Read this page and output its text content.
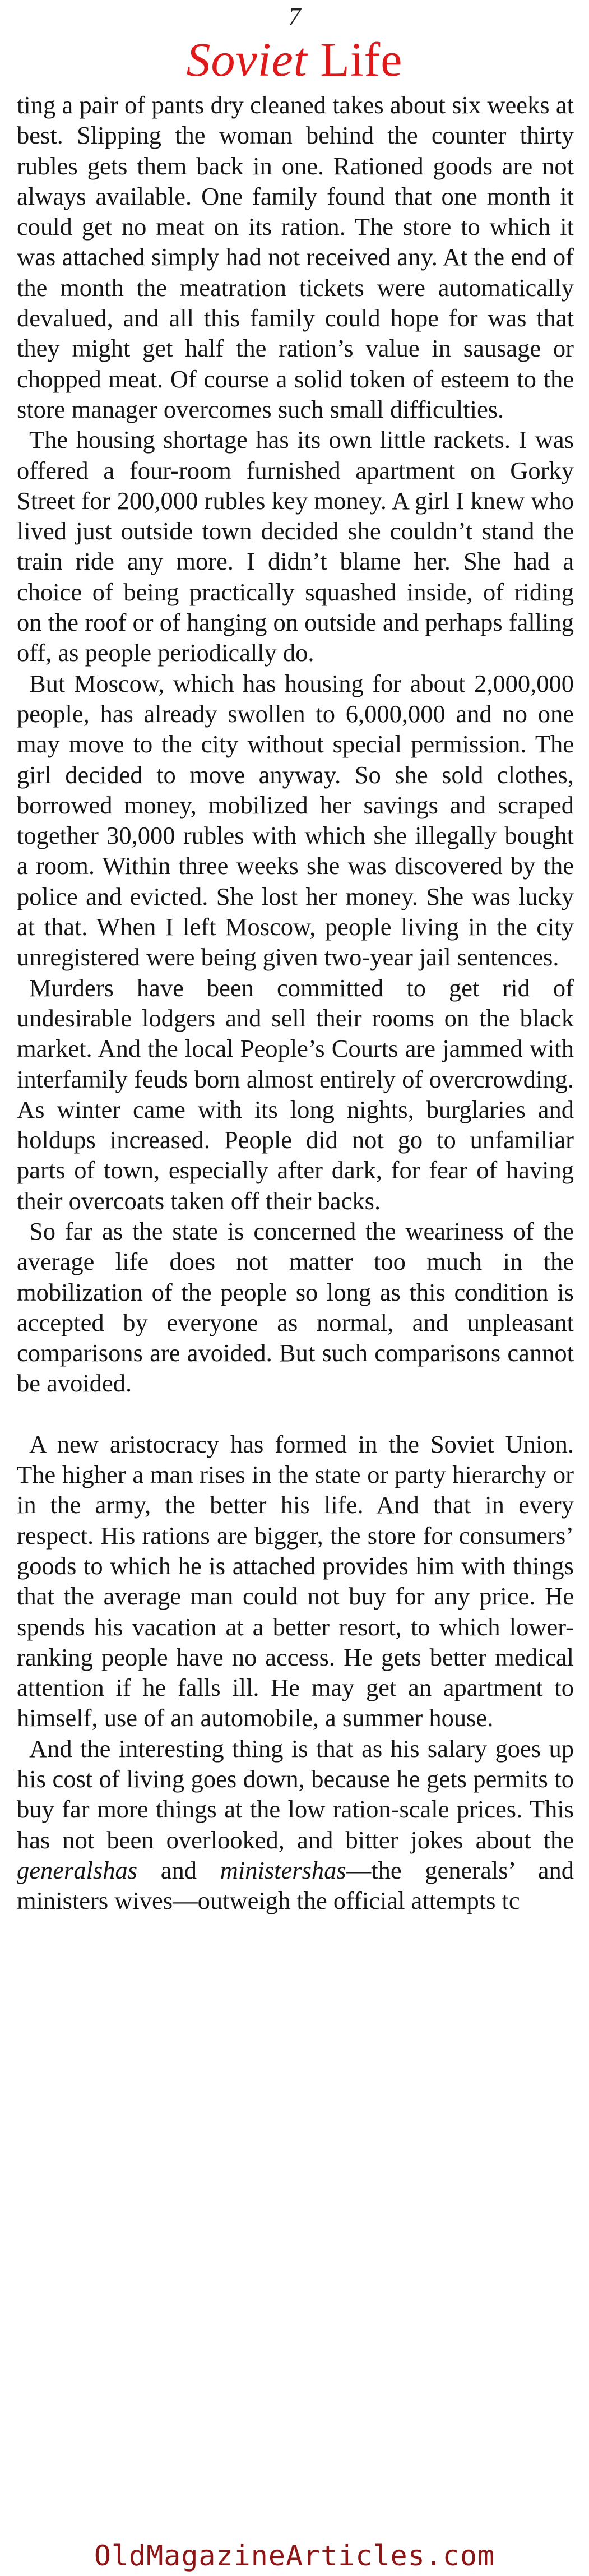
7
Soviet Life

ting a pair of pants dry cleaned takes about six weeks at best. Slipping the woman behind the counter thirty rubles gets them back in one. Rationed goods are not always available. One family found that one month it could get no meat on its ration. The store to which it was attached simply had not received any. At the end of the month the meatration tickets were automatically devalued, and all this family could hope for was that they might get half the ration’s value in sausage or chopped meat. Of course a solid token of esteem to the store manager overcomes such small difficulties.

The housing shortage has its own little rackets. I was offered a four-room furnished apartment on Gorky Street for 200,000 rubles key money. A girl I knew who lived just outside town decided she couldn’t stand the train ride any more. I didn’t blame her. She had a choice of being practically squashed inside, of riding on the roof or of hanging on outside and perhaps falling off, as people periodically do.

But Moscow, which has housing for about 2,000,000 people, has already swollen to 6,000,000 and no one may move to the city without special permission. The girl decided to move anyway. So she sold clothes, borrowed money, mobilized her savings and scraped together 30,000 rubles with which she illegally bought a room. Within three weeks she was discovered by the police and evicted. She lost her money. She was lucky at that. When I left Moscow, people living in the city unregistered were being given two-year jail sentences.

Murders have been committed to get rid of undesirable lodgers and sell their rooms on the black market. And the local People’s Courts are jammed with interfamily feuds born almost entirely of overcrowding. As winter came with its long nights, burglaries and holdups increased. People did not go to unfamiliar parts of town, especially after dark, for fear of having their overcoats taken off their backs.

So far as the state is concerned the weariness of the average life does not matter too much in the mobilization of the people so long as this condition is accepted by everyone as normal, and unpleasant comparisons are avoided. But such comparisons cannot be avoided.

A new aristocracy has formed in the Soviet Union. The higher a man rises in the state or party hierarchy or in the army, the better his life. And that in every respect. His rations are bigger, the store for consumers’ goods to which he is attached provides him with things that the average man could not buy for any price. He spends his vacation at a better resort, to which lower-ranking people have no access. He gets better medical attention if he falls ill. He may get an apartment to himself, use of an automobile, a summer house.

And the interesting thing is that as his salary goes up his cost of living goes down, because he gets permits to buy far more things at the low ration-scale prices. This has not been overlooked, and bitter jokes about the generalshas and ministershas—the generals’ and ministers wives—outweigh the official attempts tc

OldMagazineArticles.com
